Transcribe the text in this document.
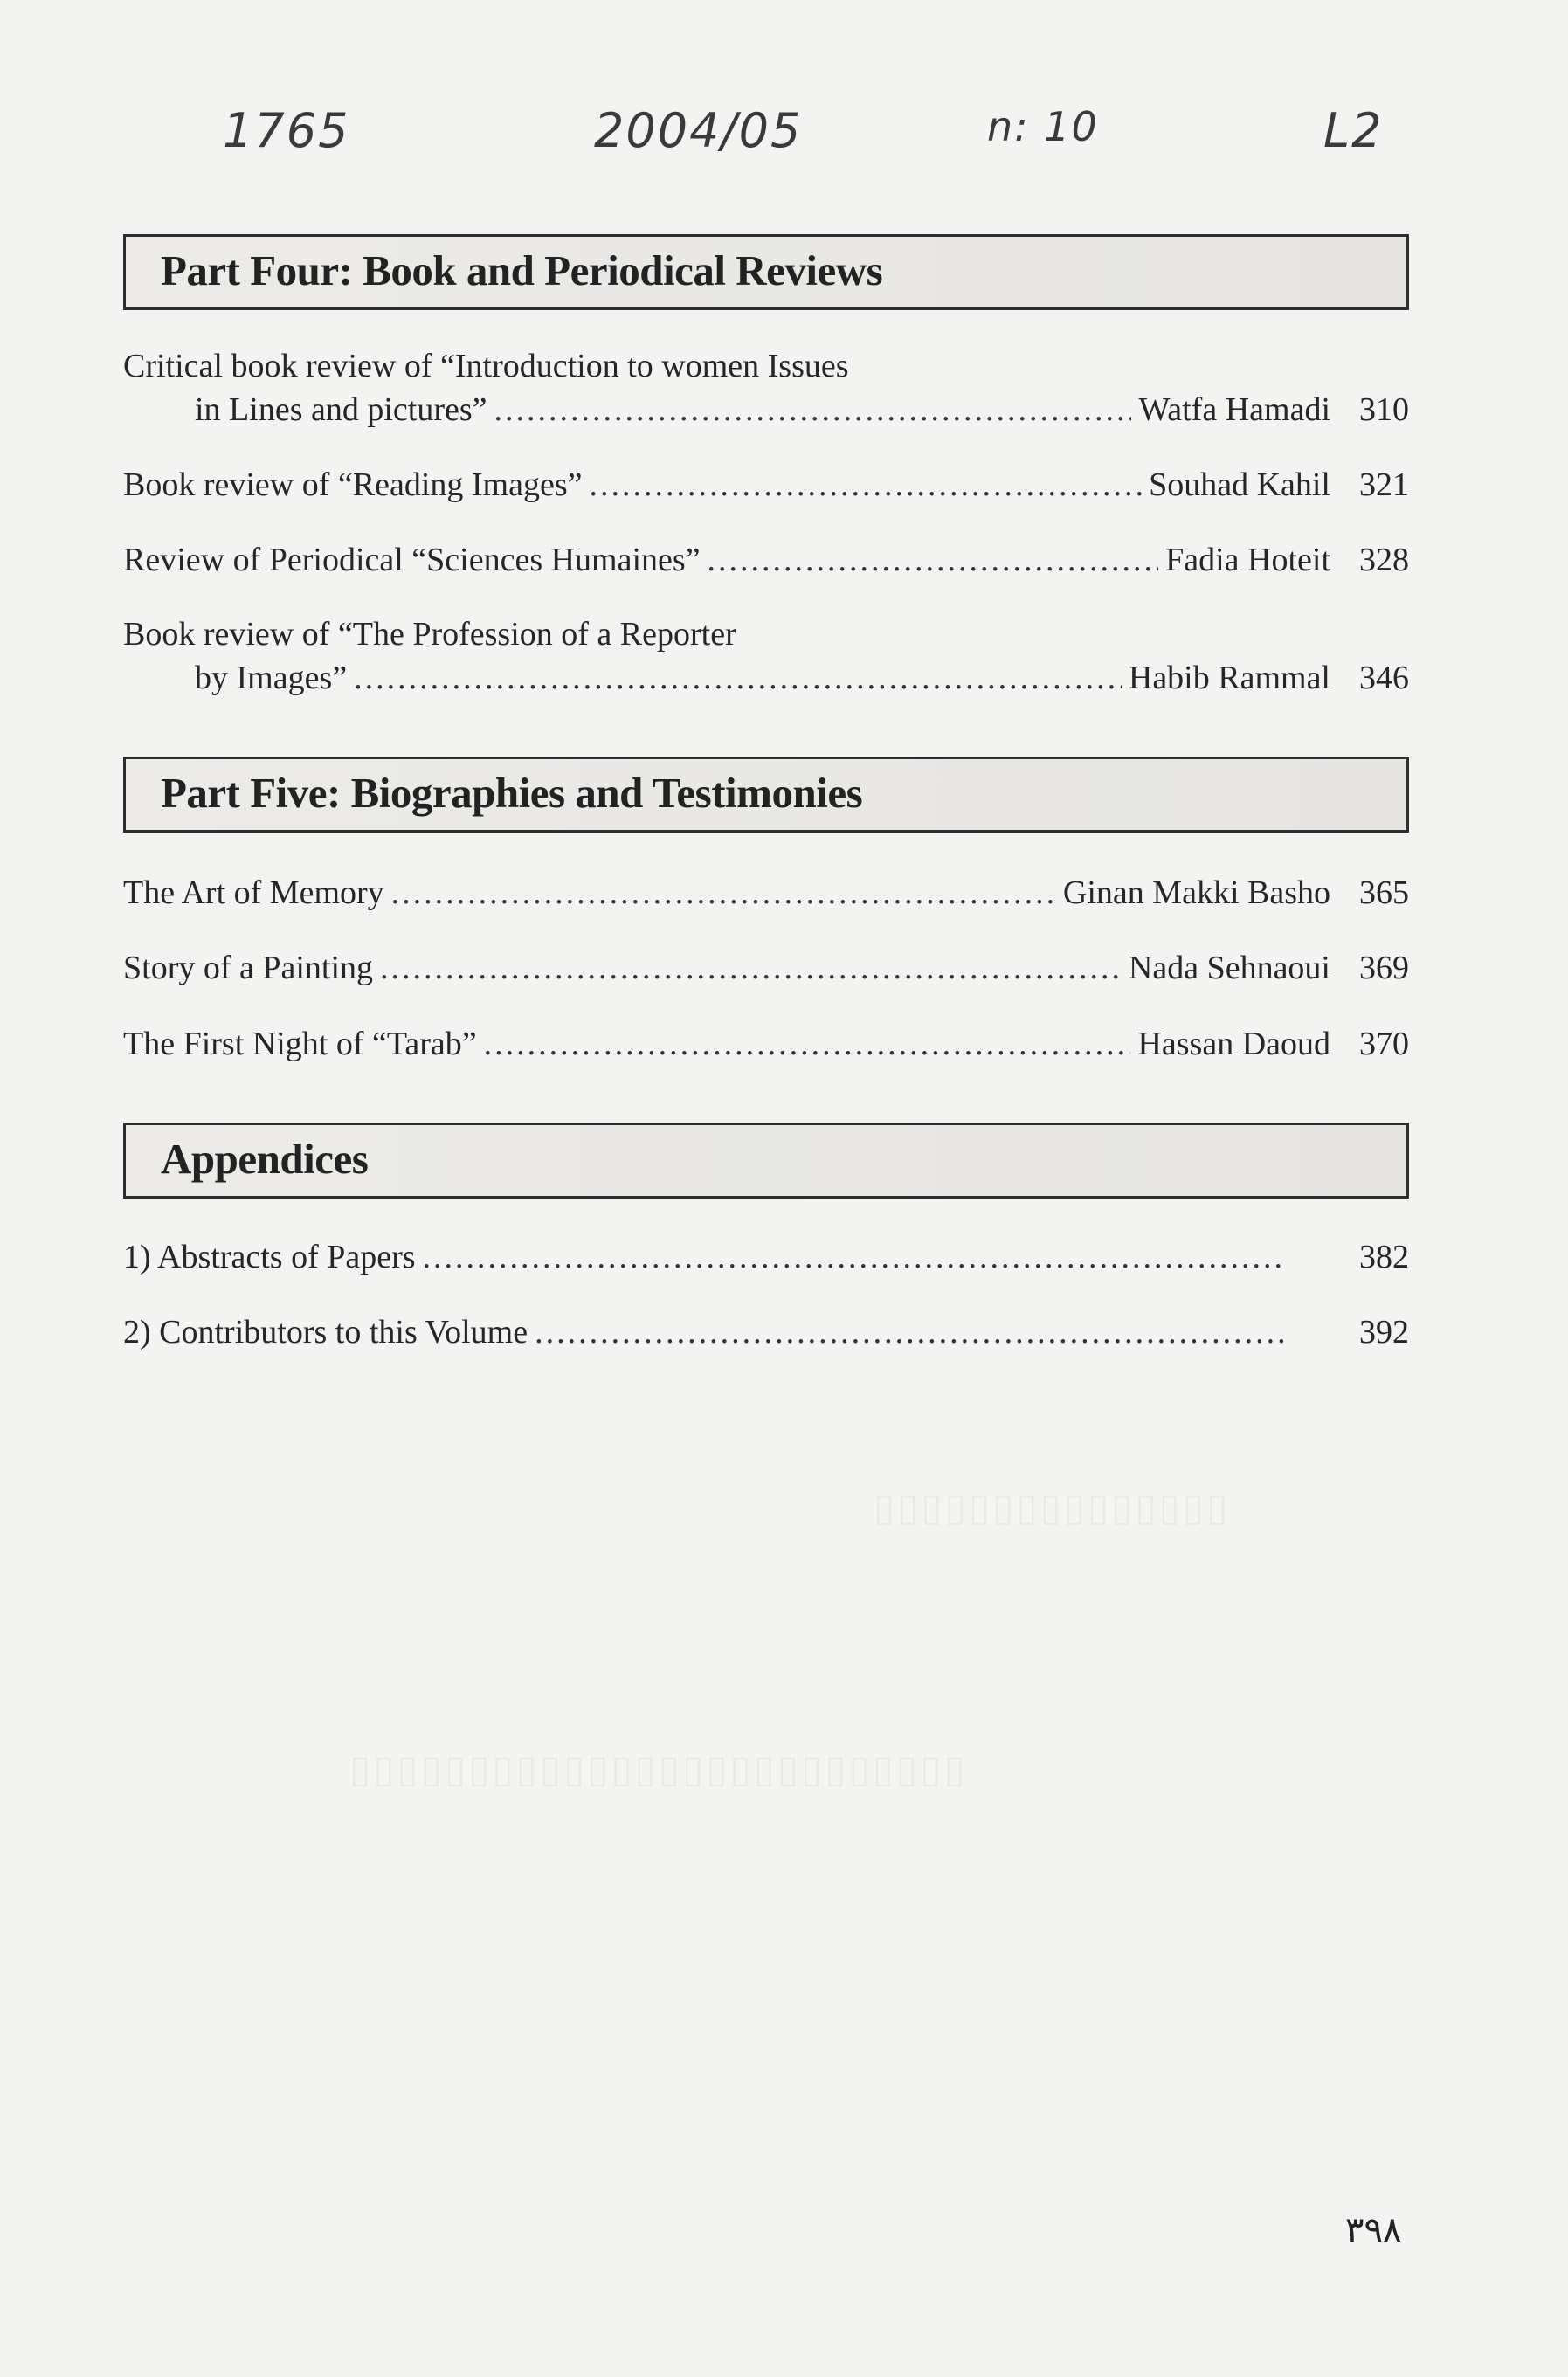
1765	2004/05	n: 10	L2
Part Four: Book and Periodical Reviews
Critical book review of “Introduction to women Issues
in Lines and pictures” .....	Watfa Hamadi 310
Book review of “Reading Images” .....	Souhad Kahil 321
Review of Periodical “Sciences Humaines” .....	Fadia Hoteit 328
Book review of “The Profession of a Reporter
by Images” .....	Habib Rammal 346
Part Five: Biographies and Testimonies
The Art of Memory .....	Ginan Makki Basho 365
Story of a Painting .....	Nada Sehnaoui 369
The First Night of “Tarab” .....	Hassan Daoud 370
Appendices
1) Abstracts of Papers .....	382
2) Contributors to this Volume .....	392
٣٩٨
